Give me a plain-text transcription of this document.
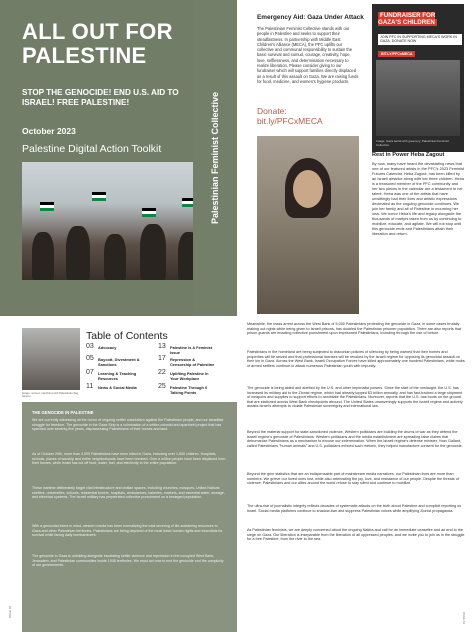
ALL OUT FOR PALESTINE
STOP THE GENOCIDE! END U.S. AID TO ISRAEL! FREE PALESTINE!
October 2023
Palestine Digital Action Toolkit	Palestinian Feminist Collective
Emergency Aid: Gaza Under Attack
The Palestinian Feminist Collective stands with our people in Palestine and seeks to support their steadfastness. In partnership with Middle East Children's Alliance (MECA), the PFC uplifts our collective and communal responsibility to sustain the basic survival and sumud, courage, creativity, hope, love, selflessness, and determination necessary to realize liberation. Please consider giving to our fundraiser which will support families directly displaced as a result of this assault on Gaza. We are raising funds for food, medicine, and women's hygiene products.
Donate:
bit.ly/PFCxMECA
FUNDRAISER FOR GAZA'S CHILDREN
JOIN PFC IN SUPPORTING MECA'S WORK IN GAZA. DONATE NOW
BIT.LY/PFCxMECA
Image: Gaza aerial with greenery; Palestinian Feminist Collective
Rest in Power Heba Zagout
By now, many have heard the devastating news that one of our featured artists in the PFC's 2023 Feminist Futures Calendar, Heba Zagout, has been killed by an Israeli airstrike along with her three children. Heba is a treasured member of the PFC community and her two pieces in the calendar are a testament to her talent. Heba was one of the artists that have unwittingly had their lives and artistic expressions decimated as the ongoing genocide continues. We join her family and all of Palestine in mourning her loss. We honor Heba's life and legacy alongside the thousands of martyrs taken from us by continuing to mobilize, educate, and agitate. We will not stop until this genocide ends and Palestinians attain their liberation and return.
Image: women marching with Palestinian flag banner
Table of Contents
03 Advocacy
05 Boycott, Divestment & Sanctions
07 Learning & Teaching Resources
11 News & Social Media
13 Palestine is A Feminist Issue
17 Repression & Censorship of Palestine
22 Uplifting Palestine In Your Workplace
25 Palestine Through 6 Talking Points
THE GENOCIDE IN PALESTINE
We are currently witnessing all the horror of ongoing settler colonialism against the Palestinian people, and our steadfast struggle for freedom. The genocide in the Gaza Strip is a culmination of a settler-colonial and apartheid project that has spanned over seventy-five years, dispossessing Palestinians of their homes and land.
As of October 20th, more than 4,000 Palestinians have been killed in Gaza, including over 1,500 children. Hospitals, schools, places of worship and entire neighborhoods have been bombed. Over a million people have been displaced from their homes, while Israel has cut off food, water, fuel, and electricity to the entire population.
These wartime deliberately target vital infrastructure and civilian spaces, including churches, mosques, United Nations shelters, universities, schools, residential towers, hospitals, ambulances, bakeries, markets, and essential water, sewage, and electrical systems. The Israeli military has perpetrated collective punishment on a besieged population.
With a genocidal intent in mind, western media has been normalizing the total severing of life-sustaining resources to Gaza and other Palestinian territories. Palestinians are being deprived of the most basic human rights and essentials for survival while facing daily bombardment.
The genocide in Gaza is unfolding alongside escalating settler violence and repression in the occupied West Bank, Jerusalem, and Palestinian communities inside 1948 territories. We must act now to end the genocide and the complicity of our governments.
PAGE 02
Meanwhile, the mass arrest across the West Bank of 5,000 Palestinians protesting the genocide in Gaza, in some cases brutally making out rights while being given to Israeli prisons, has doubled the Palestinian prisoner population. There are also reports that prison guards are enacting collective punishment upon imprisoned Palestinians, including through the use of torture.
Palestinians in the homeland are being subjected to draconian policies of silencing by being warned that their homes and properties will be seized and that professional licenses will be revoked by the Israeli regime for opposing its genocidal assault on their kin in Gaza. Across the West Bank, Israeli Occupation Forces have killed approximately one hundred Palestinians, while mobs of armed settlers continue to attack numerous Palestinian youth with impunity.
The genocide is being aided and abetted by the U.S. and other imperialist powers. Since the start of the onslaught, the U.S. has increased its military aid to the Zionist regime, which had already topped $3 billion annually, and has fast-tracked a large shipment of weapons and supplies to support efforts to annihilate the Palestinians. Moreover, reports that the U.S. has boots on the ground that are stationed across West Bank checkpoints abound. The United States unwaveringly supports the Israeli regime and actively assists Israel's attempts to violate Palestinian sovereignty and international law.
Beyond the material support for state-sanctioned violence, Western politicians are building the drums of war as they defend the Israeli regime's genocide of Palestinians. Western politicians and the media establishment are spreading false claims that dehumanize Palestinians as a mechanism to excuse our extermination. When the Israeli regime's defense minister, Yoav Gallant, called Palestinians "human animals" and U.S. politicians echoed such rhetoric, they helped manufacture consent for the genocide.
Beyond the grim statistics that are an indispensable part of mainstream media narratives, our Palestinian lives are more than numbers. We grieve our loved ones lost, while also celebrating the joy, love, and resistance of our people. Despite the threats of violence, Palestinians and our allies around the world refuse to stay silent and continue to mobilize.
The ultra-rise of journalistic integrity reflects decades of systematic attacks on the truth about Palestine and complicit reporting on Israel. Social media platforms continue to shadow-ban and suppress Palestinian voices while amplifying Zionist propaganda.
As Palestinian feminists, we are deeply concerned about the ongoing Nakba and call for an immediate ceasefire and an end to the siege on Gaza. Our liberation is inseparable from the liberation of all oppressed peoples, and we invite you to join us in the struggle for a free Palestine, from the river to the sea.
PAGE 03
